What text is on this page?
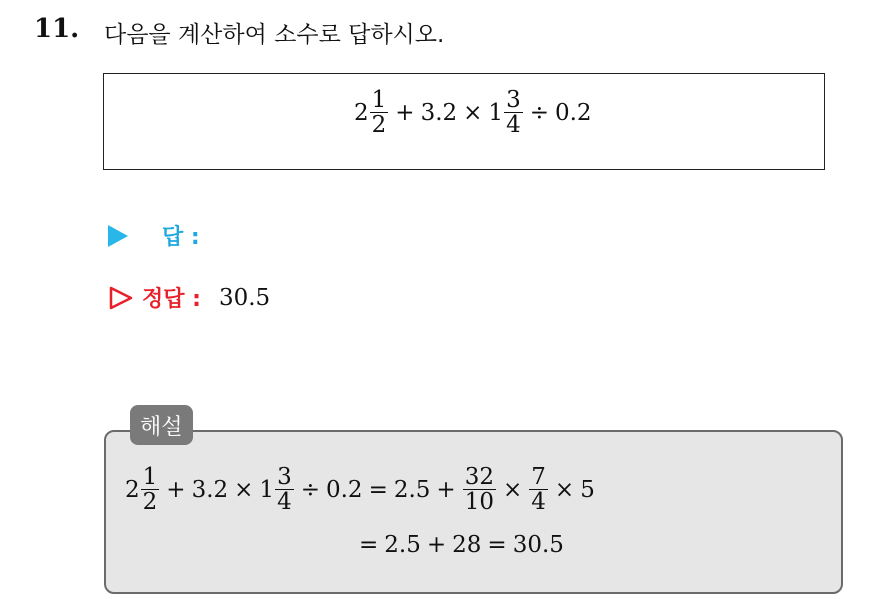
11. 다음을 계산하여 소수로 답하시오.
$2 \frac{1}{2} + 3.2 \times 1 \frac{3}{4} \div 0.2$
답 :
정답 : 30.5
해설
$2 \frac{1}{2} + 3.2 \times 1 \frac{3}{4} \div 0.2 = 2.5 + \frac{32}{10} \times \frac{7}{4} \times 5$
= 2.5 + 28 = 30.5
